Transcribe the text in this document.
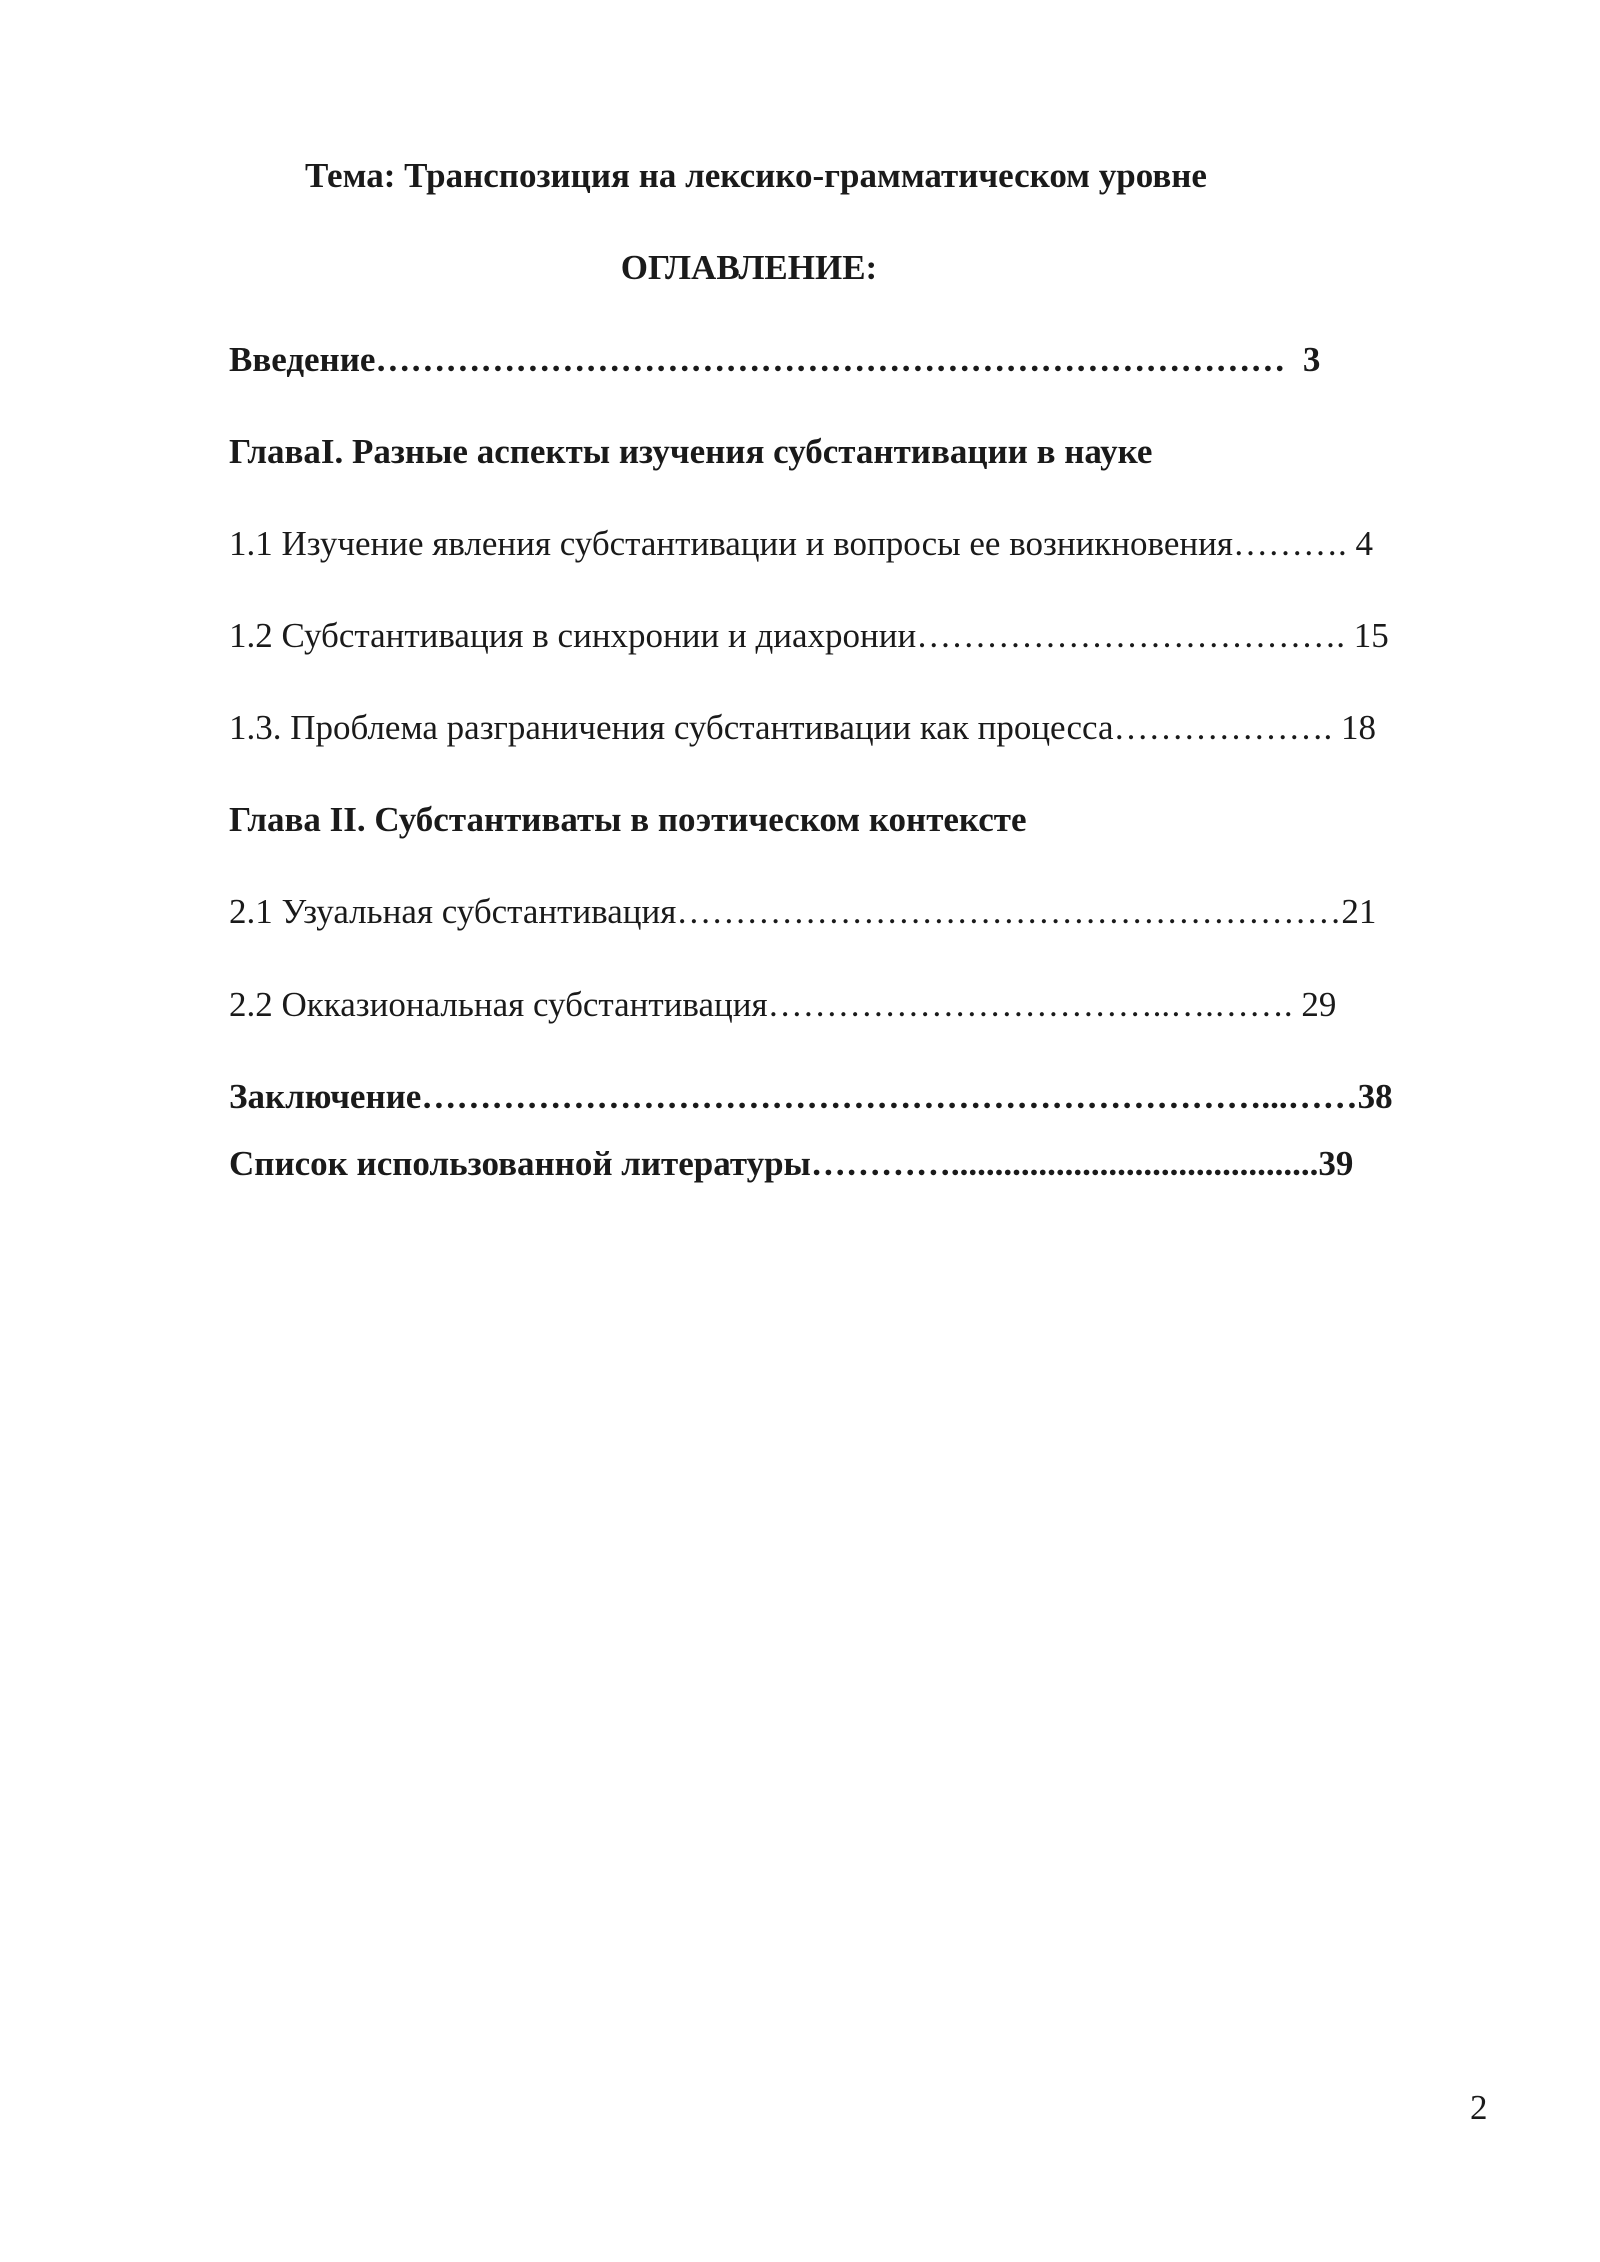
Тема: Транспозиция на лексико-грамматическом уровне
ОГЛАВЛЕНИЕ:
Введение……………………………………………………………………  3
ГлаваI. Разные аспекты изучения субстантивации в науке
1.1 Изучение явления субстантивации и вопросы ее возникновения………. 4
1.2 Субстантивация в синхронии и диахронии………………………………. 15
1.3. Проблема разграничения субстантивации как процесса………………. 18
Глава II. Субстантиваты в поэтическом контексте
2.1 Узуальная субстантивация…………………………………………………21
2.2 Окказиональная субстантивация……………………………..….……. 29
Заключение………………………………………………………………...……38
Список использованной литературы…………..........................................39
2
